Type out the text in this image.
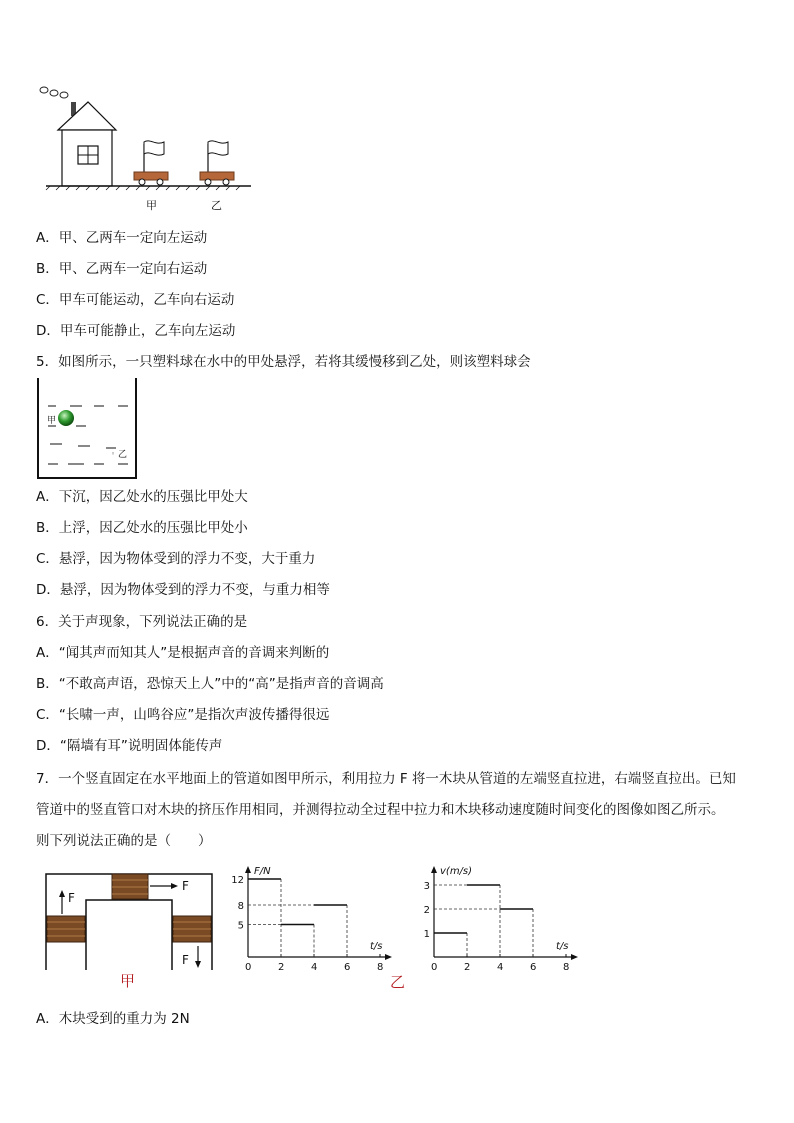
甲	乙
A．甲、乙两车一定向左运动
B．甲、乙两车一定向右运动
C．甲车可能运动，乙车向右运动
D．甲车可能静止，乙车向左运动
5．如图所示，一只塑料球在水中的甲处悬浮，若将其缓慢移到乙处，则该塑料球会
甲
◦ 乙
A．下沉，因乙处水的压强比甲处大
B．上浮，因乙处水的压强比甲处小
C．悬浮，因为物体受到的浮力不变，大于重力
D．悬浮，因为物体受到的浮力不变，与重力相等
6．关于声现象，下列说法正确的是
A．“闻其声而知其人”是根据声音的音调来判断的
B．“不敢高声语，恐惊天上人”中的“高”是指声音的音调高
C．“长啸一声，山鸣谷应”是指次声波传播得很远
D．“隔墙有耳”说明固体能传声
7．一个竖直固定在水平地面上的管道如图甲所示，利用拉力 F 将一木块从管道的左端竖直拉进，右端竖直拉出。已知
管道中的竖直管口对木块的挤压作用相同，并测得拉动全过程中拉力和木块移动速度随时间变化的图像如图乙所示。
则下列说法正确的是（　　）
F
F
F
甲
F/N
t/s
0	2	4	6	8
5
8
12
v(m/s)
t/s
0	2	4	6	8
1
2
3
乙
A．木块受到的重力为 2N
